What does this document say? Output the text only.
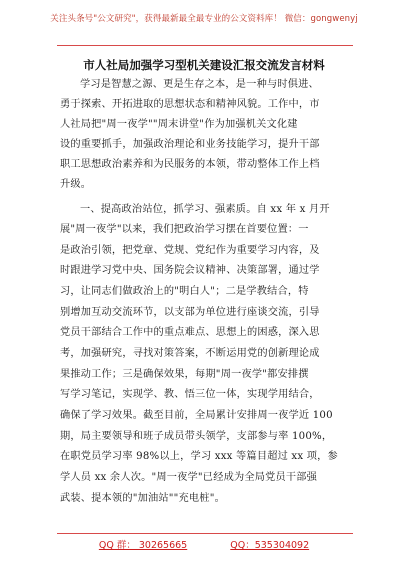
关注头条号"公文研究"，获得最新最全最专业的公文资料库！ 微信：gongwenyj
市人社局加强学习型机关建设汇报交流发言材料
学习是智慧之源、更是生存之本，是一种与时俱进、
勇于探索、开拓进取的思想状态和精神风貌。工作中，市
人社局把"周一夜学""周末讲堂"作为加强机关文化建
设的重要抓手，加强政治理论和业务技能学习，提升干部
职工思想政治素养和为民服务的本领，带动整体工作上档
升级。
一、提高政治站位，抓学习、强素质。自 xx 年 x 月开
展"周一夜学"以来，我们把政治学习摆在首要位置：一
是政治引领，把党章、党规、党纪作为重要学习内容，及
时跟进学习党中央、国务院会议精神、决策部署，通过学
习，让同志们做政治上的"明白人"；二是学教结合，特
别增加互动交流环节，以支部为单位进行座谈交流，引导
党员干部结合工作中的重点难点、思想上的困惑，深入思
考，加强研究，寻找对策答案，不断运用党的创新理论成
果推动工作；三是确保效果，每期"周一夜学"都安排撰
写学习笔记，实现学、教、悟三位一体，实现学用结合，
确保了学习效果。截至目前，全局累计安排周一夜学近 100
期，局主要领导和班子成员带头领学，支部参与率 100%，
在职党员学习率 98%以上，学习 xxx 等篇目超过 xx 项，参
学人员 xx 余人次。"周一夜学"已经成为全局党员干部强
武装、提本领的"加油站""充电桩"。
QQ 群： 30265665	QQ：535304092
